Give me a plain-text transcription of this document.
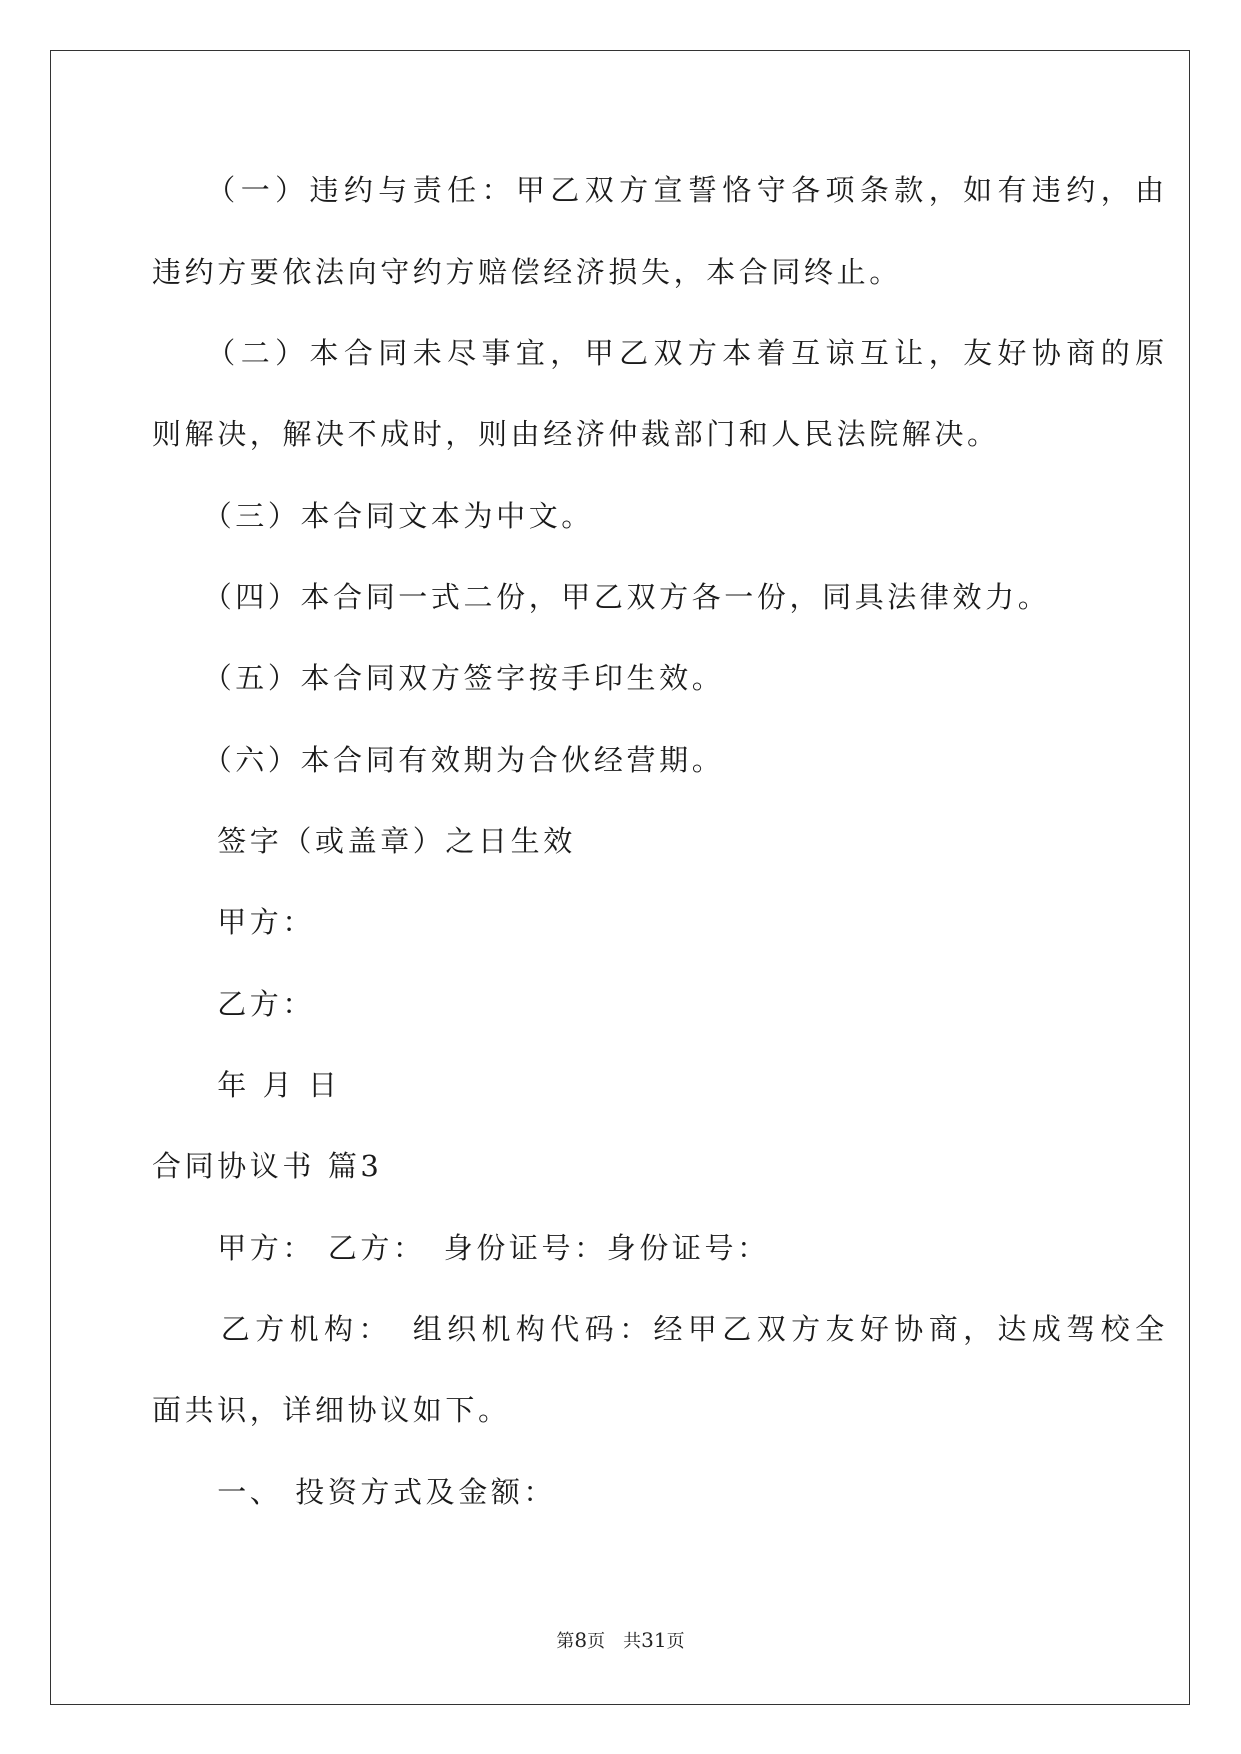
　　（一）违约与责任：甲乙双方宣誓恪守各项条款，如有违约，由

违约方要依法向守约方赔偿经济损失，本合同终止。

　　（二）本合同未尽事宜，甲乙双方本着互谅互让，友好协商的原

则解决，解决不成时，则由经济仲裁部门和人民法院解决。

　　（三）本合同文本为中文。

　　（四）本合同一式二份，甲乙双方各一份，同具法律效力。

　　（五）本合同双方签字按手印生效。

　　（六）本合同有效期为合伙经营期。

　　签字（或盖章）之日生效

　　甲方：

　　乙方：

　　年 月 日

合同协议书 篇3

　　甲方： 乙方：　身份证号：身份证号：

　　乙方机构：　组织机构代码：经甲乙双方友好协商，达成驾校全

面共识，详细协议如下。

　　一、 投资方式及金额：

第8页　共31页
